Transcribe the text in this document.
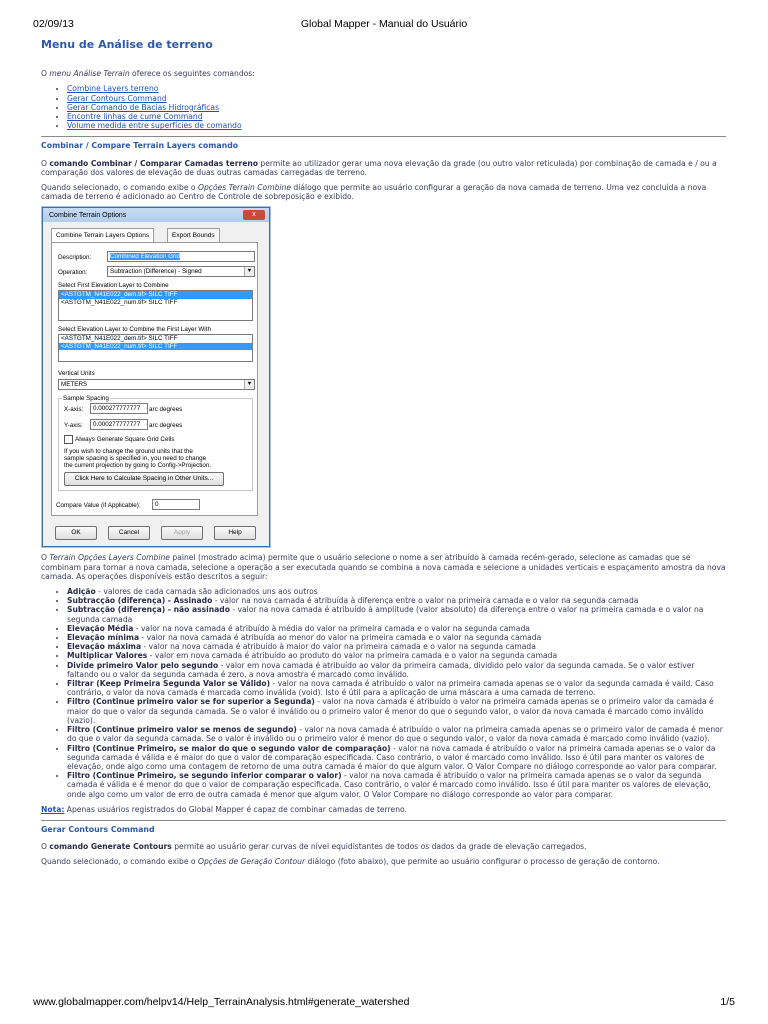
02/09/13	Global Mapper - Manual do Usuário
Menu de Análise de terreno

O menu Análise Terrain oferece os seguintes comandos:

• Combine Layers terreno
• Gerar Contours Command
• Gerar Comando de Bacias Hidrográficas
• Encontre linhas de cume Command
• Volume medida entre superfícies de comando
Combinar / Compare Terrain Layers comando

O comando Combinar / Comparar Camadas terreno permite ao utilizador gerar uma nova elevação da grade (ou outro valor reticulada) por combinação de camada e / ou a comparação dos valores de elevação de duas outras camadas carregadas de terreno.

Quando selecionado, o comando exibe o Opções Terrain Combine diálogo que permite ao usuário configurar a geração da nova camada de terreno. Uma vez concluída a nova camada de terreno é adicionado ao Centro de Controle de sobreposição e exibido.

Combine Terrain Options	x
Combine Terrain Layers Options	Export Bounds
Description:	Combined Elevation Grid
Operation:	Subtraction (Difference) - Signed	▼
Select First Elevation Layer to Combine
<ASTGTM_N41E022_dem.tif> SILC TIFF
<ASTGTM_N41E022_num.tif> SILC TIFF
Select Elevation Layer to Combine the First Layer With
<ASTGTM_N41E022_dem.tif> SILC TIFF
<ASTGTM_N41E022_num.tif> SILC TIFF
Vertical Units
METERS	▼
Sample Spacing
X-axis:	0.000277777777	arc degrees
Y-axis:	0.000277777777	arc degrees
Always Generate Square Grid Cells
If you wish to change the ground units that the
sample spacing is specified in, you need to change
the current projection by going to Config->Projection.
Click Here to Calculate Spacing in Other Units...
Compare Value (if Applicable):	0
OK	Cancel	Apply	Help

O Terrain Opções Layers Combine painel (mostrado acima) permite que o usuário selecione o nome a ser atribuído à camada recém-gerado, selecione as camadas que se combinam para tornar a nova camada, selecione a operação a ser executada quando se combina a nova camada e selecione a unidades verticais e espaçamento amostra da nova camada. As operações disponíveis estão descritos a seguir:

• Adição - valores de cada camada são adicionados uns aos outros
• Subtracção (diferença) - Assinado - valor na nova camada é atribuída à diferença entre o valor na primeira camada e o valor na segunda camada
• Subtracção (diferença) - não assinado - valor na nova camada é atribuído à amplitude (valor absoluto) da diferença entre o valor na primeira camada e o valor na segunda camada
• Elevação Média - valor na nova camada é atribuído à média do valor na primeira camada e o valor na segunda camada
• Elevação mínima - valor na nova camada é atribuída ao menor do valor na primeira camada e o valor na segunda camada
• Elevação máxima - valor na nova camada é atribuído à maior do valor na primeira camada e o valor na segunda camada
• Multiplicar Valores - valor em nova camada é atribuído ao produto do valor na primeira camada e o valor na segunda camada
• Divide primeiro Valor pelo segundo - valor em nova camada é atribuído ao valor da primeira camada, dividido pelo valor da segunda camada. Se o valor estiver faltando ou o valor da segunda camada é zero, a nova amostra é marcado como inválido.
• Filtrar (Keep Primeira Segunda Valor se Válido) - valor na nova camada é atribuído o valor na primeira camada apenas se o valor da segunda camada é vaild. Caso contrário, o valor da nova camada é marcada como inválida (void). Isto é útil para a aplicação de uma máscara a uma camada de terreno.
• Filtro (Continue primeiro valor se for superior a Segunda) - valor na nova camada é atribuído o valor na primeira camada apenas se o primeiro valor da camada é maior do que o valor da segunda camada. Se o valor é inválido ou o primeiro valor é menor do que o segundo valor, o valor da nova camada é marcado como inválido (vazio).
• Filtro (Continue primeiro valor se menos de segundo) - valor na nova camada é atribuído o valor na primeira camada apenas se o primeiro valor de camada é menor do que o valor da segunda camada. Se o valor é inválido ou o primeiro valor é menor do que o segundo valor, o valor da nova camada é marcado como inválido (vazio).
• Filtro (Continue Primeiro, se maior do que o segundo valor de comparação) - valor na nova camada é atribuído o valor na primeira camada apenas se o valor da segunda camada é válida e é maior do que o valor de comparação especificada. Caso contrário, o valor é marcado como inválido. Isso é útil para manter os valores de elevação, onde algo como uma contagem de retorno de uma outra camada é maior do que algum valor. O Valor Compare no diálogo corresponde ao valor para comparar.
• Filtro (Continue Primeiro, se segundo inferior comparar o valor) - valor na nova camada é atribuído o valor na primeira camada apenas se o valor da segunda camada é válida e é menor do que o valor de comparação especificada. Caso contrário, o valor é marcado como inválido. Isso é útil para manter os valores de elevação, onde algo como um valor de erro de outra camada é menor que algum valor. O Valor Compare no diálogo corresponde ao valor para comparar.

Nota: Apenas usuários registrados do Global Mapper é capaz de combinar camadas de terreno.

Gerar Contours Command

O comando Generate Contours permite ao usuário gerar curvas de nível equidistantes de todos os dados da grade de elevação carregados.

Quando selecionado, o comando exibe o Opções de Geração Contour diálogo (foto abaixo), que permite ao usuário configurar o processo de geração de contorno.

www.globalmapper.com/helpv14/Help_TerrainAnalysis.html#generate_watershed	1/5
